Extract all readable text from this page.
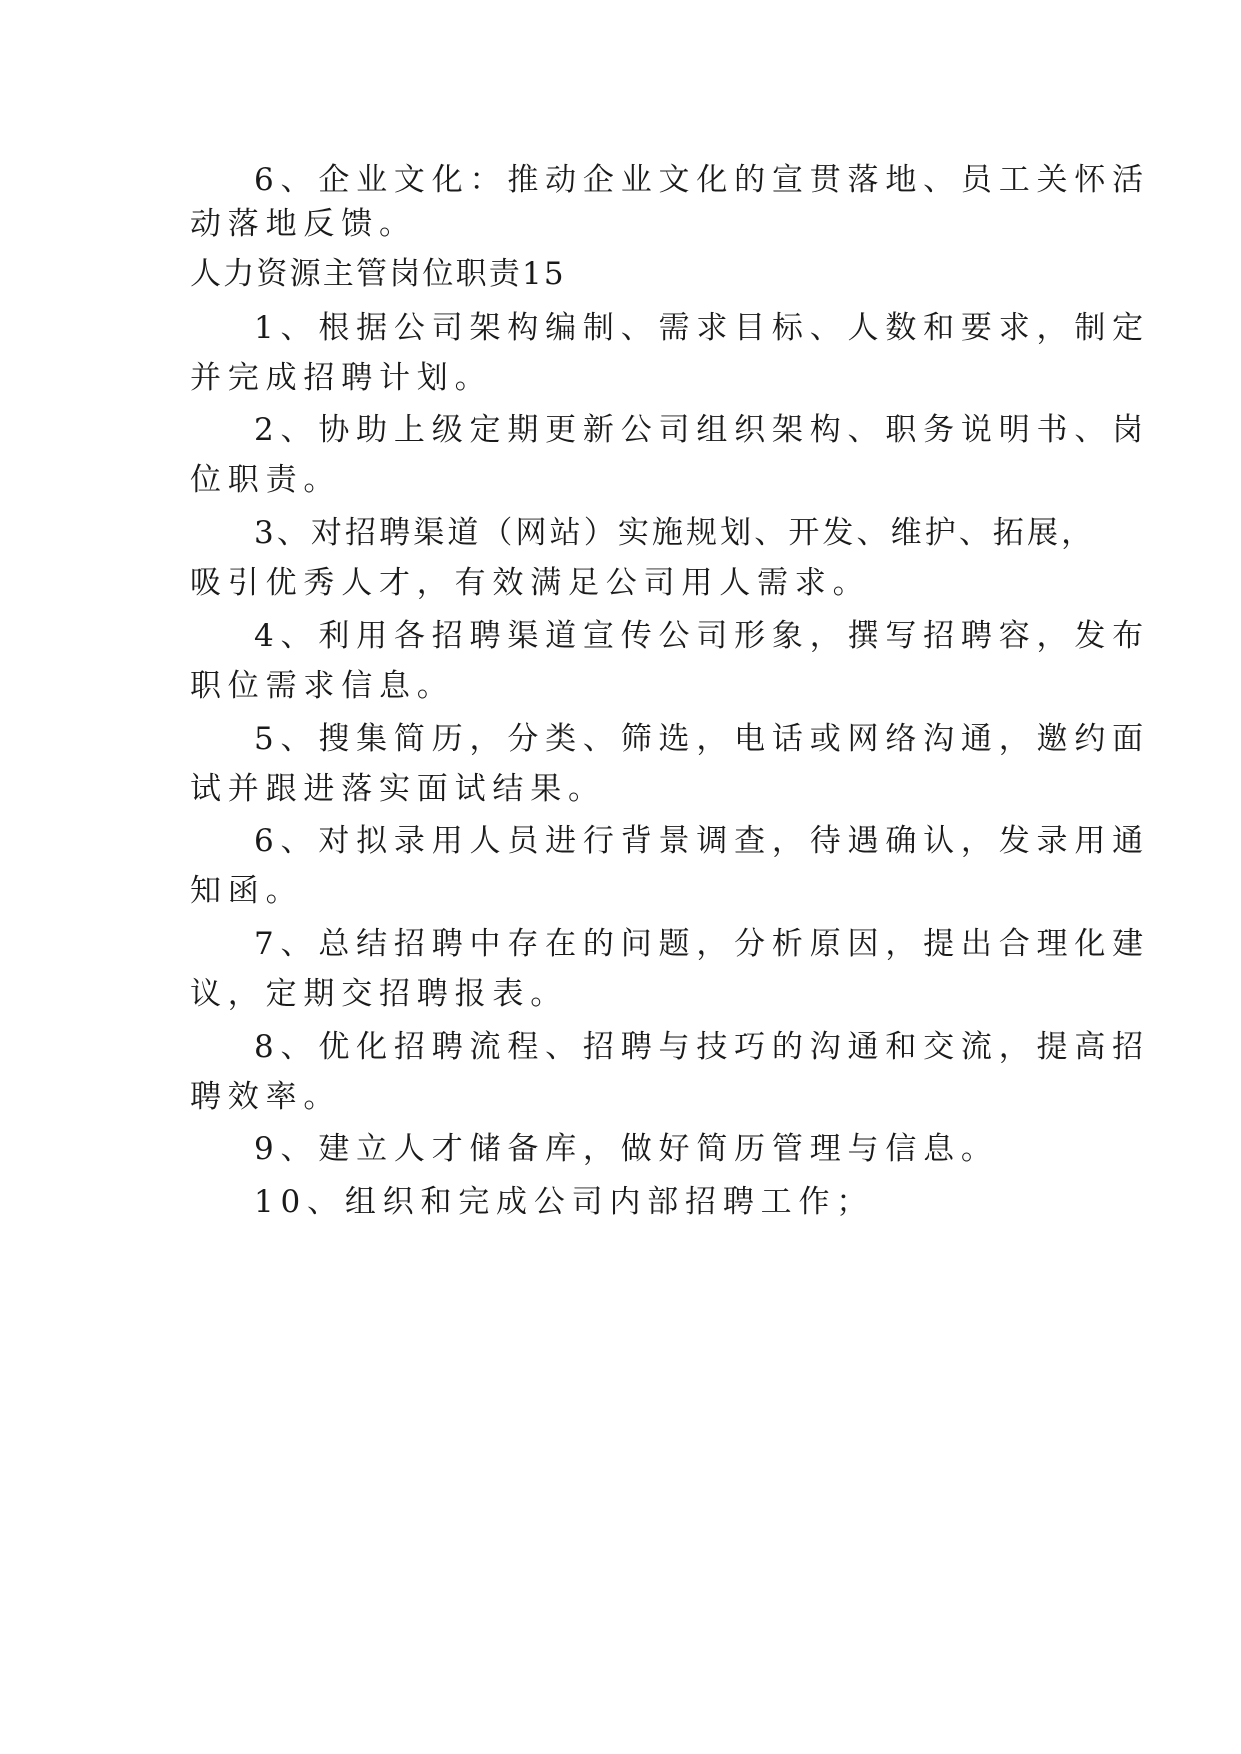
6、企业文化：推动企业文化的宣贯落地、员工关怀活
动落地反馈。
人力资源主管岗位职责15
1、根据公司架构编制、需求目标、人数和要求，制定
并完成招聘计划。
2、协助上级定期更新公司组织架构、职务说明书、岗
位职责。
3、对招聘渠道（网站）实施规划、开发、维护、拓展，
吸引优秀人才，有效满足公司用人需求。
4、利用各招聘渠道宣传公司形象，撰写招聘容，发布
职位需求信息。
5、搜集简历，分类、筛选，电话或网络沟通，邀约面
试并跟进落实面试结果。
6、对拟录用人员进行背景调查，待遇确认，发录用通
知函。
7、总结招聘中存在的问题，分析原因，提出合理化建
议，定期交招聘报表。
8、优化招聘流程、招聘与技巧的沟通和交流，提高招
聘效率。
9、建立人才储备库，做好简历管理与信息。
10、组织和完成公司内部招聘工作；
